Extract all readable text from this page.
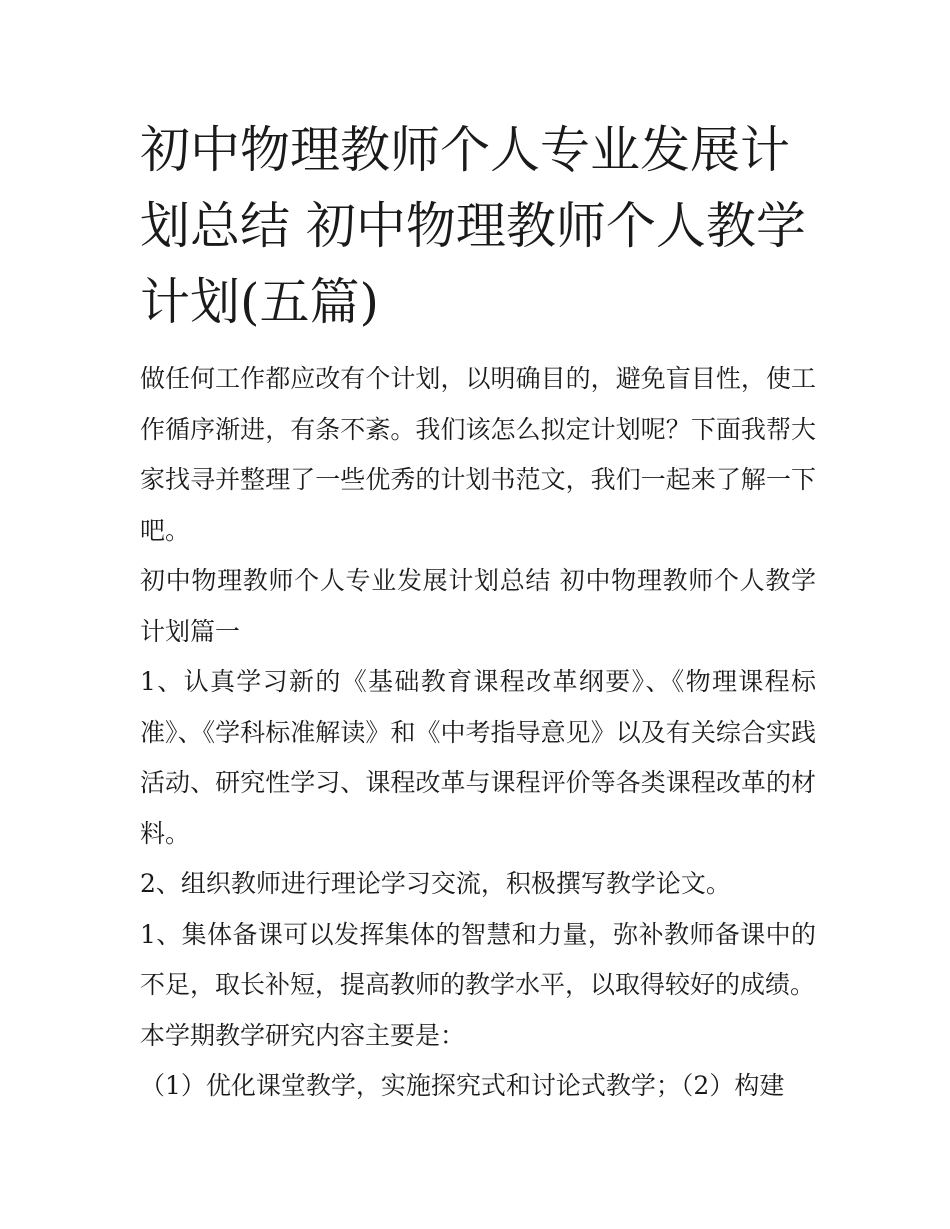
初中物理教师个人专业发展计划总结 初中物理教师个人教学计划(五篇)

做任何工作都应改有个计划，以明确目的，避免盲目性，使工作循序渐进，有条不紊。我们该怎么拟定计划呢？下面我帮大家找寻并整理了一些优秀的计划书范文，我们一起来了解一下吧。

初中物理教师个人专业发展计划总结 初中物理教师个人教学计划篇一

1、认真学习新的《基础教育课程改革纲要》、《物理课程标准》、《学科标准解读》和《中考指导意见》以及有关综合实践活动、研究性学习、课程改革与课程评价等各类课程改革的材料。

2、组织教师进行理论学习交流，积极撰写教学论文。

1、集体备课可以发挥集体的智慧和力量，弥补教师备课中的不足，取长补短，提高教师的教学水平，以取得较好的成绩。

本学期教学研究内容主要是：

（1）优化课堂教学，实施探究式和讨论式教学；（2）构建
